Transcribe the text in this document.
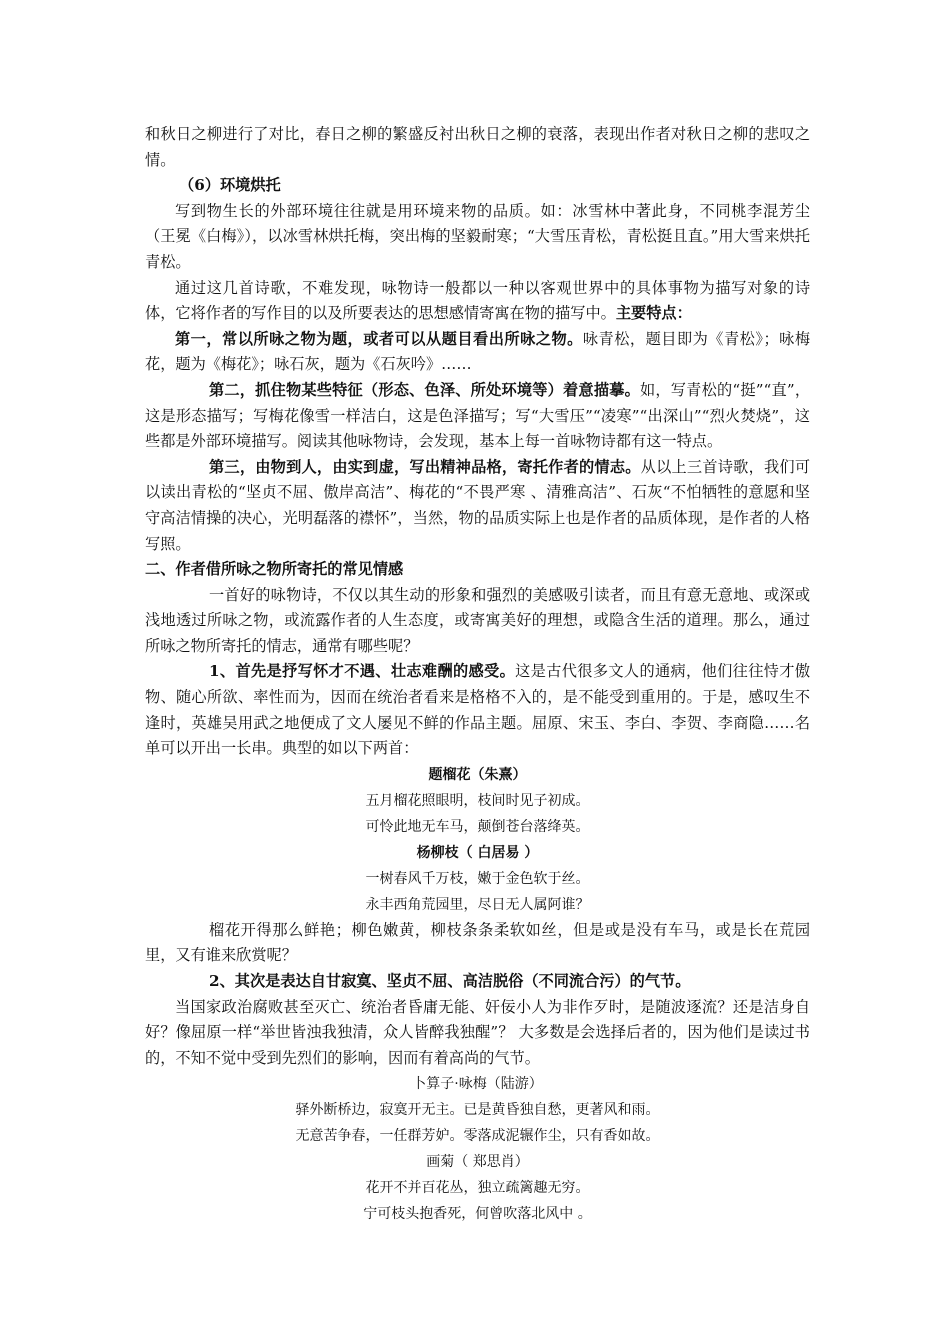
和秋日之柳进行了对比，春日之柳的繁盛反衬出秋日之柳的衰落，表现出作者对秋日之柳的悲叹之情。

（6）环境烘托

写到物生长的外部环境往往就是用环境来物的品质。如：冰雪林中著此身，不同桃李混芳尘（王冕《白梅》），以冰雪林烘托梅，突出梅的坚毅耐寒；“大雪压青松，青松挺且直。”用大雪来烘托青松。

通过这几首诗歌，不难发现，咏物诗一般都以一种以客观世界中的具体事物为描写对象的诗体，它将作者的写作目的以及所要表达的思想感情寄寓在物的描写中。主要特点：

第一，常以所咏之物为题，或者可以从题目看出所咏之物。咏青松，题目即为《青松》；咏梅花，题为《梅花》；咏石灰，题为《石灰吟》……

第二，抓住物某些特征（形态、色泽、所处环境等）着意描摹。如，写青松的“挺”“直”，这是形态描写；写梅花像雪一样洁白，这是色泽描写；写“大雪压”“凌寒”“出深山”“烈火焚烧”，这些都是外部环境描写。阅读其他咏物诗，会发现，基本上每一首咏物诗都有这一特点。

第三，由物到人，由实到虚，写出精神品格，寄托作者的情志。从以上三首诗歌，我们可以读出青松的“坚贞不屈、傲岸高洁”、梅花的“不畏严寒 、清雅高洁”、石灰“不怕牺牲的意愿和坚守高洁情操的决心，光明磊落的襟怀”，当然，物的品质实际上也是作者的品质体现，是作者的人格写照。

二、作者借所咏之物所寄托的常见情感

一首好的咏物诗，不仅以其生动的形象和强烈的美感吸引读者，而且有意无意地、或深或浅地透过所咏之物，或流露作者的人生态度，或寄寓美好的理想，或隐含生活的道理。那么，通过所咏之物所寄托的情志，通常有哪些呢？

1、首先是抒写怀才不遇、壮志难酬的感受。这是古代很多文人的通病，他们往往恃才傲物、随心所欲、率性而为，因而在统治者看来是格格不入的，是不能受到重用的。于是，感叹生不逢时，英雄吴用武之地便成了文人屡见不鲜的作品主题。屈原、宋玉、李白、李贺、李商隐……名单可以开出一长串。典型的如以下两首：

题榴花（朱熹）

五月榴花照眼明，枝间时见子初成。

可怜此地无车马，颠倒苍台落绛英。

杨柳枝（ 白居易 ）

一树春风千万枝，嫩于金色软于丝。

永丰西角荒园里，尽日无人属阿谁？

榴花开得那么鲜艳；柳色嫩黄，柳枝条条柔软如丝，但是或是没有车马，或是长在荒园里，又有谁来欣赏呢？

2、其次是表达自甘寂寞、坚贞不屈、高洁脱俗（不同流合污）的气节。

当国家政治腐败甚至灭亡、统治者昏庸无能、奸佞小人为非作歹时，是随波逐流？还是洁身自好？像屈原一样“举世皆浊我独清，众人皆醉我独醒”？ 大多数是会选择后者的，因为他们是读过书的，不知不觉中受到先烈们的影响，因而有着高尚的气节。

卜算子·咏梅（陆游）

驿外断桥边，寂寞开无主。已是黄昏独自愁，更著风和雨。

无意苦争春，一任群芳妒。零落成泥辗作尘，只有香如故。

画菊（ 郑思肖）

花开不并百花丛，独立疏篱趣无穷。

宁可枝头抱香死，何曾吹落北风中 。
